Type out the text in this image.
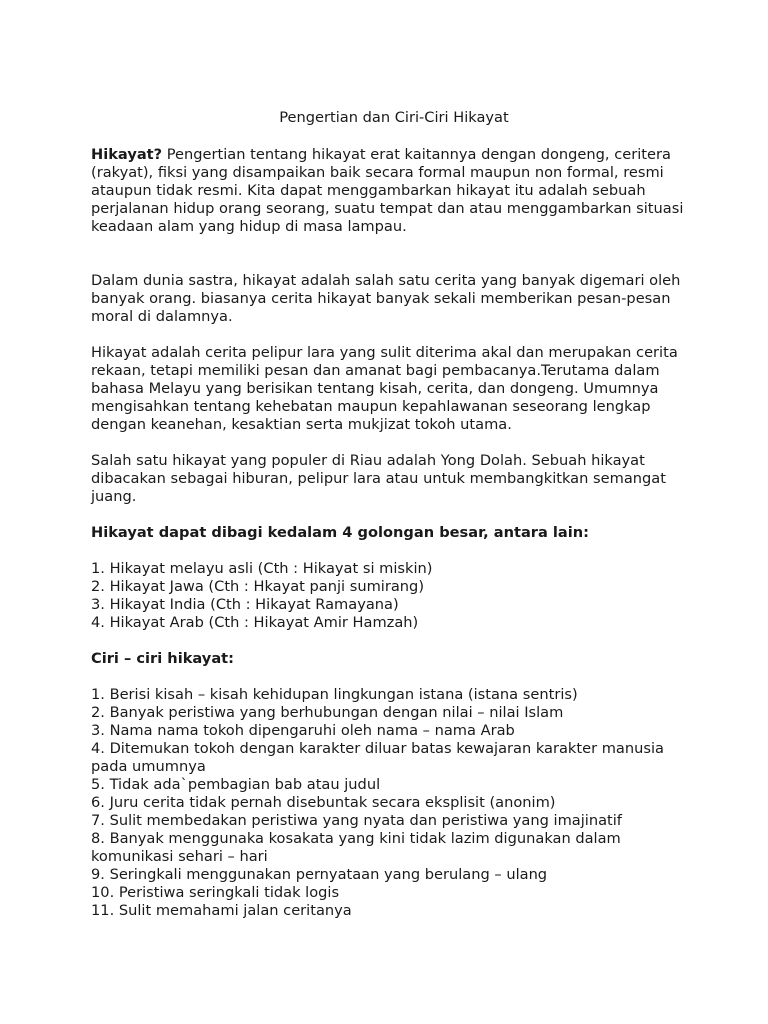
Pengertian dan Ciri-Ciri Hikayat

Hikayat? Pengertian tentang hikayat erat kaitannya dengan dongeng, ceritera (rakyat), fiksi yang disampaikan baik secara formal maupun non formal, resmi ataupun tidak resmi. Kita dapat menggambarkan hikayat itu adalah sebuah perjalanan hidup orang seorang, suatu tempat dan atau menggambarkan situasi keadaan alam yang hidup di masa lampau.

Dalam dunia sastra, hikayat adalah salah satu cerita yang banyak digemari oleh banyak orang. biasanya cerita hikayat banyak sekali memberikan pesan-pesan moral di dalamnya.

Hikayat adalah cerita pelipur lara yang sulit diterima akal dan merupakan cerita rekaan, tetapi memiliki pesan dan amanat bagi pembacanya.Terutama dalam bahasa Melayu yang berisikan tentang kisah, cerita, dan dongeng. Umumnya mengisahkan tentang kehebatan maupun kepahlawanan seseorang lengkap dengan keanehan, kesaktian serta mukjizat tokoh utama.

Salah satu hikayat yang populer di Riau adalah Yong Dolah. Sebuah hikayat dibacakan sebagai hiburan, pelipur lara atau untuk membangkitkan semangat juang.

Hikayat dapat dibagi kedalam 4 golongan besar, antara lain:

1. Hikayat melayu asli (Cth : Hikayat si miskin)
2. Hikayat Jawa (Cth : Hkayat panji sumirang)
3. Hikayat India (Cth : Hikayat Ramayana)
4. Hikayat Arab (Cth : Hikayat Amir Hamzah)

Ciri – ciri hikayat:

1. Berisi kisah – kisah kehidupan lingkungan istana (istana sentris)
2. Banyak peristiwa yang berhubungan dengan nilai – nilai Islam
3. Nama nama tokoh dipengaruhi oleh nama – nama Arab
4. Ditemukan tokoh dengan karakter diluar batas kewajaran karakter manusia pada umumnya
5. Tidak ada`pembagian bab atau judul
6. Juru cerita tidak pernah disebuntak secara eksplisit (anonim)
7. Sulit membedakan peristiwa yang nyata dan peristiwa yang imajinatif
8. Banyak menggunaka kosakata yang kini tidak lazim digunakan dalam komunikasi sehari – hari
9. Seringkali menggunakan pernyataan yang berulang – ulang
10. Peristiwa seringkali tidak logis
11. Sulit memahami jalan ceritanya
